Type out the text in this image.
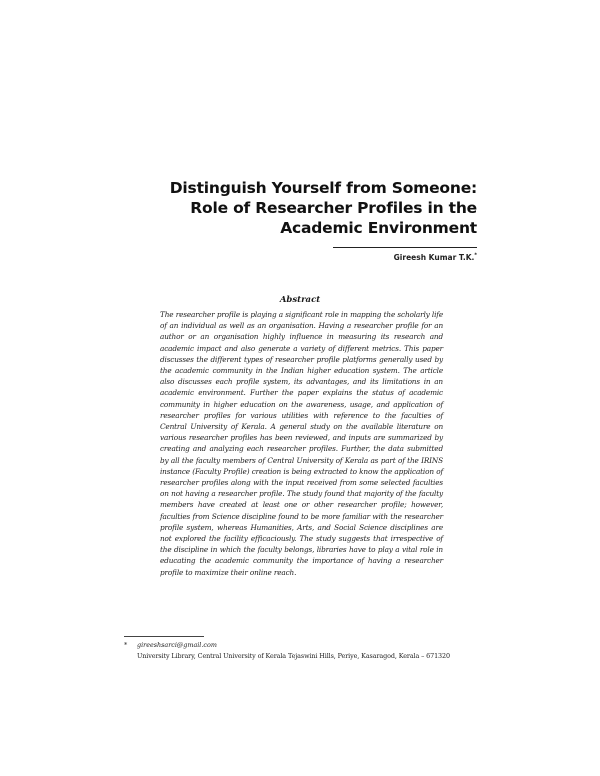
Distinguish Yourself from Someone:
Role of Researcher Profiles in the
Academic Environment
Gireesh Kumar T.K.*
Abstract
The researcher profile is playing a significant role in mapping the scholarly life of an individual as well as an organisation. Having a researcher profile for an author or an organisation highly influence in measuring its research and academic impact and also generate a variety of different metrics. This paper discusses the different types of researcher profile platforms generally used by the academic community in the Indian higher education system. The article also discusses each profile system, its advantages, and its limitations in an academic environment. Further the paper explains the status of academic community in higher education on the awareness, usage, and application of researcher profiles for various utilities with reference to the faculties of Central University of Kerala. A general study on the available literature on various researcher profiles has been reviewed, and inputs are summarized by creating and analyzing each researcher profiles. Further, the data submitted by all the faculty members of Central University of Kerala as part of the IRINS instance (Faculty Profile) creation is being extracted to know the application of researcher profiles along with the input received from some selected faculties on not having a researcher profile. The study found that majority of the faculty members have created at least one or other researcher profile; however, faculties from Science discipline found to be more familiar with the researcher profile system, whereas Humanities, Arts, and Social Science disciplines are not explored the facility efficaciously. The study suggests that irrespective of the discipline in which the faculty belongs, libraries have to play a vital role in educating the academic community the importance of having a researcher profile to maximize their online reach.
*	gireeshsarci@gmail.com
University Library, Central University of Kerala Tejaswini Hills, Periye, Kasaragod, Kerala – 671320
